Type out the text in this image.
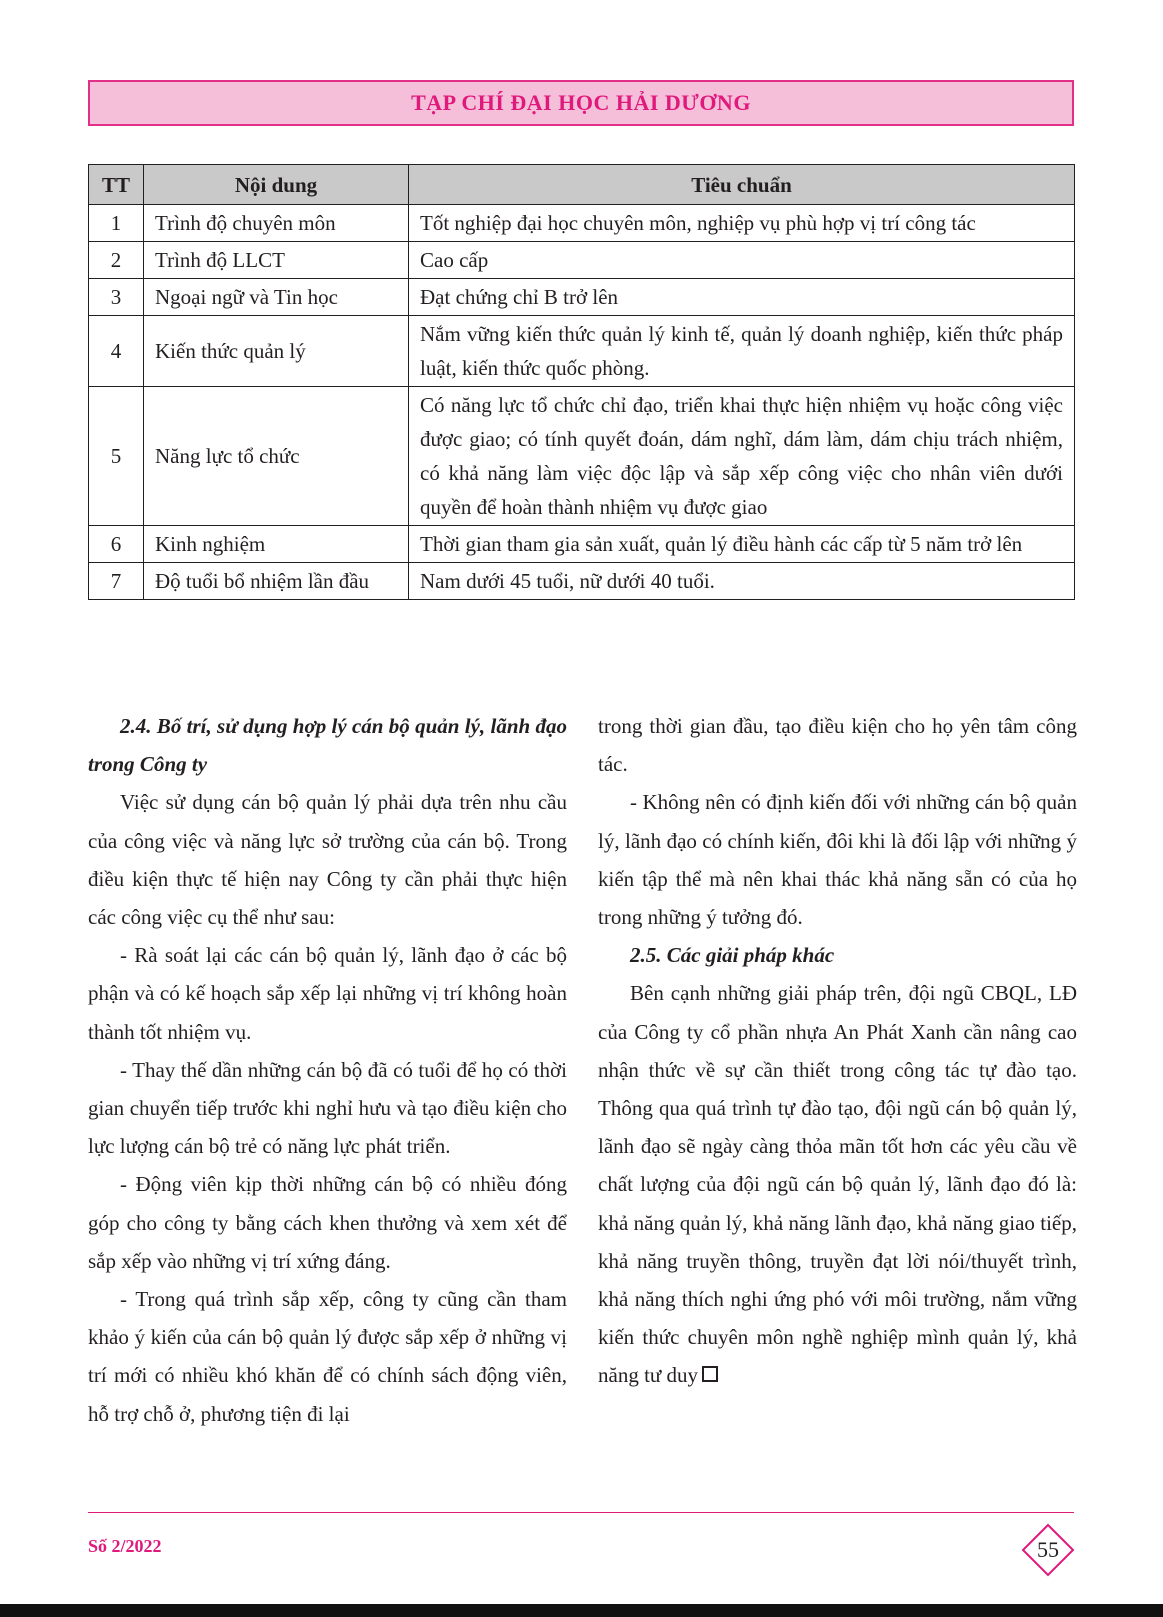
TẠP CHÍ ĐẠI HỌC HẢI DƯƠNG
TT	Nội dung	Tiêu chuẩn
1	Trình độ chuyên môn	Tốt nghiệp đại học chuyên môn, nghiệp vụ phù hợp vị trí công tác
2	Trình độ LLCT	Cao cấp
3	Ngoại ngữ và Tin học	Đạt chứng chỉ B trở lên
4	Kiến thức quản lý	Nắm vững kiến thức quản lý kinh tế, quản lý doanh nghiệp, kiến thức pháp luật, kiến thức quốc phòng.
5	Năng lực tổ chức	Có năng lực tổ chức chỉ đạo, triển khai thực hiện nhiệm vụ hoặc công việc được giao; có tính quyết đoán, dám nghĩ, dám làm, dám chịu trách nhiệm, có khả năng làm việc độc lập và sắp xếp công việc cho nhân viên dưới quyền để hoàn thành nhiệm vụ được giao
6	Kinh nghiệm	Thời gian tham gia sản xuất, quản lý điều hành các cấp từ 5 năm trở lên
7	Độ tuổi bổ nhiệm lần đầu	Nam dưới 45 tuổi, nữ dưới 40 tuổi.

2.4. Bố trí, sử dụng hợp lý cán bộ quản lý, lãnh đạo trong Công ty

Việc sử dụng cán bộ quản lý phải dựa trên nhu cầu của công việc và năng lực sở trường của cán bộ. Trong điều kiện thực tế hiện nay Công ty cần phải thực hiện các công việc cụ thể như sau:

- Rà soát lại các cán bộ quản lý, lãnh đạo ở các bộ phận và có kế hoạch sắp xếp lại những vị trí không hoàn thành tốt nhiệm vụ.

- Thay thế dần những cán bộ đã có tuổi để họ có thời gian chuyển tiếp trước khi nghỉ hưu và tạo điều kiện cho lực lượng cán bộ trẻ có năng lực phát triển.

- Động viên kịp thời những cán bộ có nhiều đóng góp cho công ty bằng cách khen thưởng và xem xét để sắp xếp vào những vị trí xứng đáng.

- Trong quá trình sắp xếp, công ty cũng cần tham khảo ý kiến của cán bộ quản lý được sắp xếp ở những vị trí mới có nhiều khó khăn để có chính sách động viên, hỗ trợ chỗ ở, phương tiện đi lại

trong thời gian đầu, tạo điều kiện cho họ yên tâm công tác.

- Không nên có định kiến đối với những cán bộ quản lý, lãnh đạo có chính kiến, đôi khi là đối lập với những ý kiến tập thể mà nên khai thác khả năng sẵn có của họ trong những ý tưởng đó.

2.5. Các giải pháp khác

Bên cạnh những giải pháp trên, đội ngũ CBQL, LĐ của Công ty cổ phần nhựa An Phát Xanh cần nâng cao nhận thức về sự cần thiết trong công tác tự đào tạo. Thông qua quá trình tự đào tạo, đội ngũ cán bộ quản lý, lãnh đạo sẽ ngày càng thỏa mãn tốt hơn các yêu cầu về chất lượng của đội ngũ cán bộ quản lý, lãnh đạo đó là: khả năng quản lý, khả năng lãnh đạo, khả năng giao tiếp, khả năng truyền thông, truyền đạt lời nói/thuyết trình, khả năng thích nghi ứng phó với môi trường, nắm vững kiến thức chuyên môn nghề nghiệp mình quản lý, khả năng tư duy

Số 2/2022	55
